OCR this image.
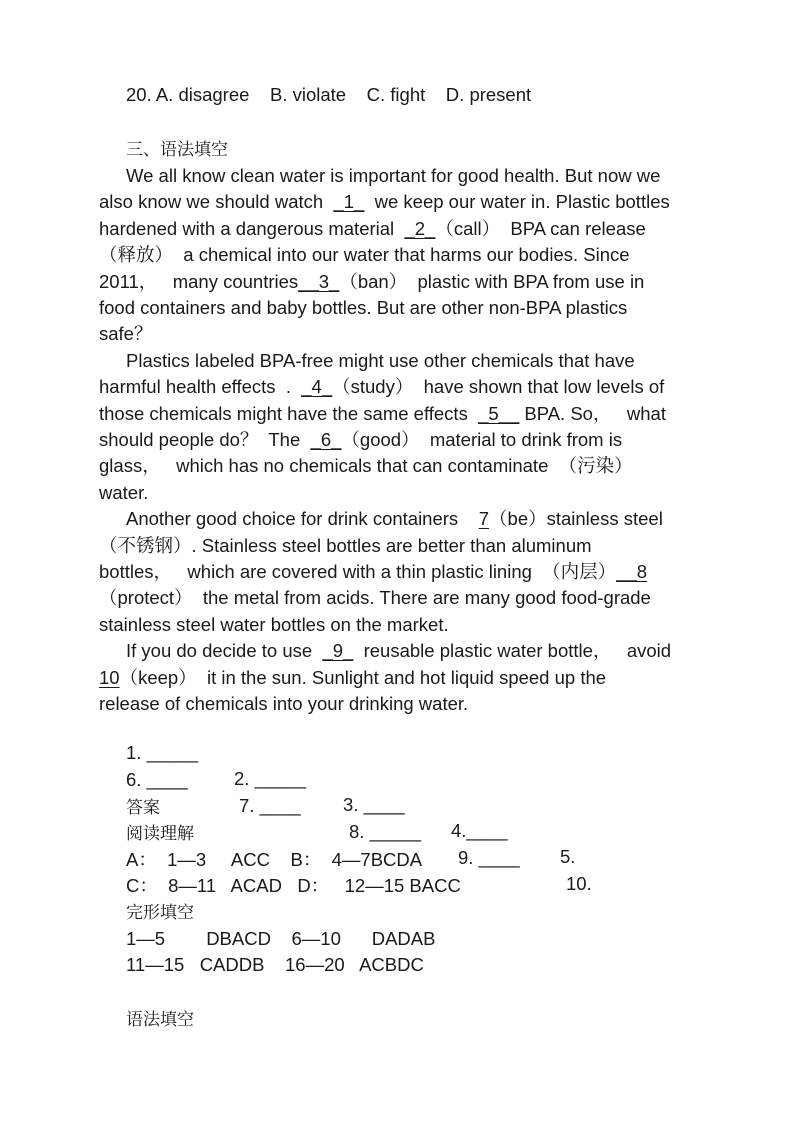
20. A. disagree    B. violate    C. fight    D. present
三、语法填空
We all know clean water is important for good health. But now we
also know we should watch  _1_  we keep our water in. Plastic bottles
hardened with a dangerous material  _2_（call）  BPA can release
（释放）  a chemical into our water that harms our bodies. Since
2011，   many countries__3_（ban）  plastic with BPA from use in
food containers and baby bottles. But are other non-BPA plastics
safe？
Plastics labeled BPA-free might use other chemicals that have
harmful health effects  .  _4_（study）  have shown that low levels of
those chemicals might have the same effects  _5__ BPA. So，   what
should people do？  The  _6_（good）  material to drink from is
glass，   which has no chemicals that can contaminate  （污染）
water.
Another good choice for drink containers    7（be）stainless steel
（不锈钢）. Stainless steel bottles are better than aluminum
bottles，   which are covered with a thin plastic lining  （内层）__8
（protect）  the metal from acids. There are many good food-grade
stainless steel water bottles on the market.
If you do decide to use  _9_  reusable plastic water bottle，   avoid
10（keep）  it in the sun. Sunlight and hot liquid speed up the
release of chemicals into your drinking water.

1. _____

2. _____

3. ____

4.____

5.

6. ____

7. ____

8. _____

9. ____

10.

答案
阅读理解
A：  1—3     ACC    B：  4—7BCDA
C：  8—11   ACAD   D：   12—15 BACC
完形填空
1—5        DBACD    6—10      DADAB
11—15   CADDB    16—20   ACBDC
语法填空
